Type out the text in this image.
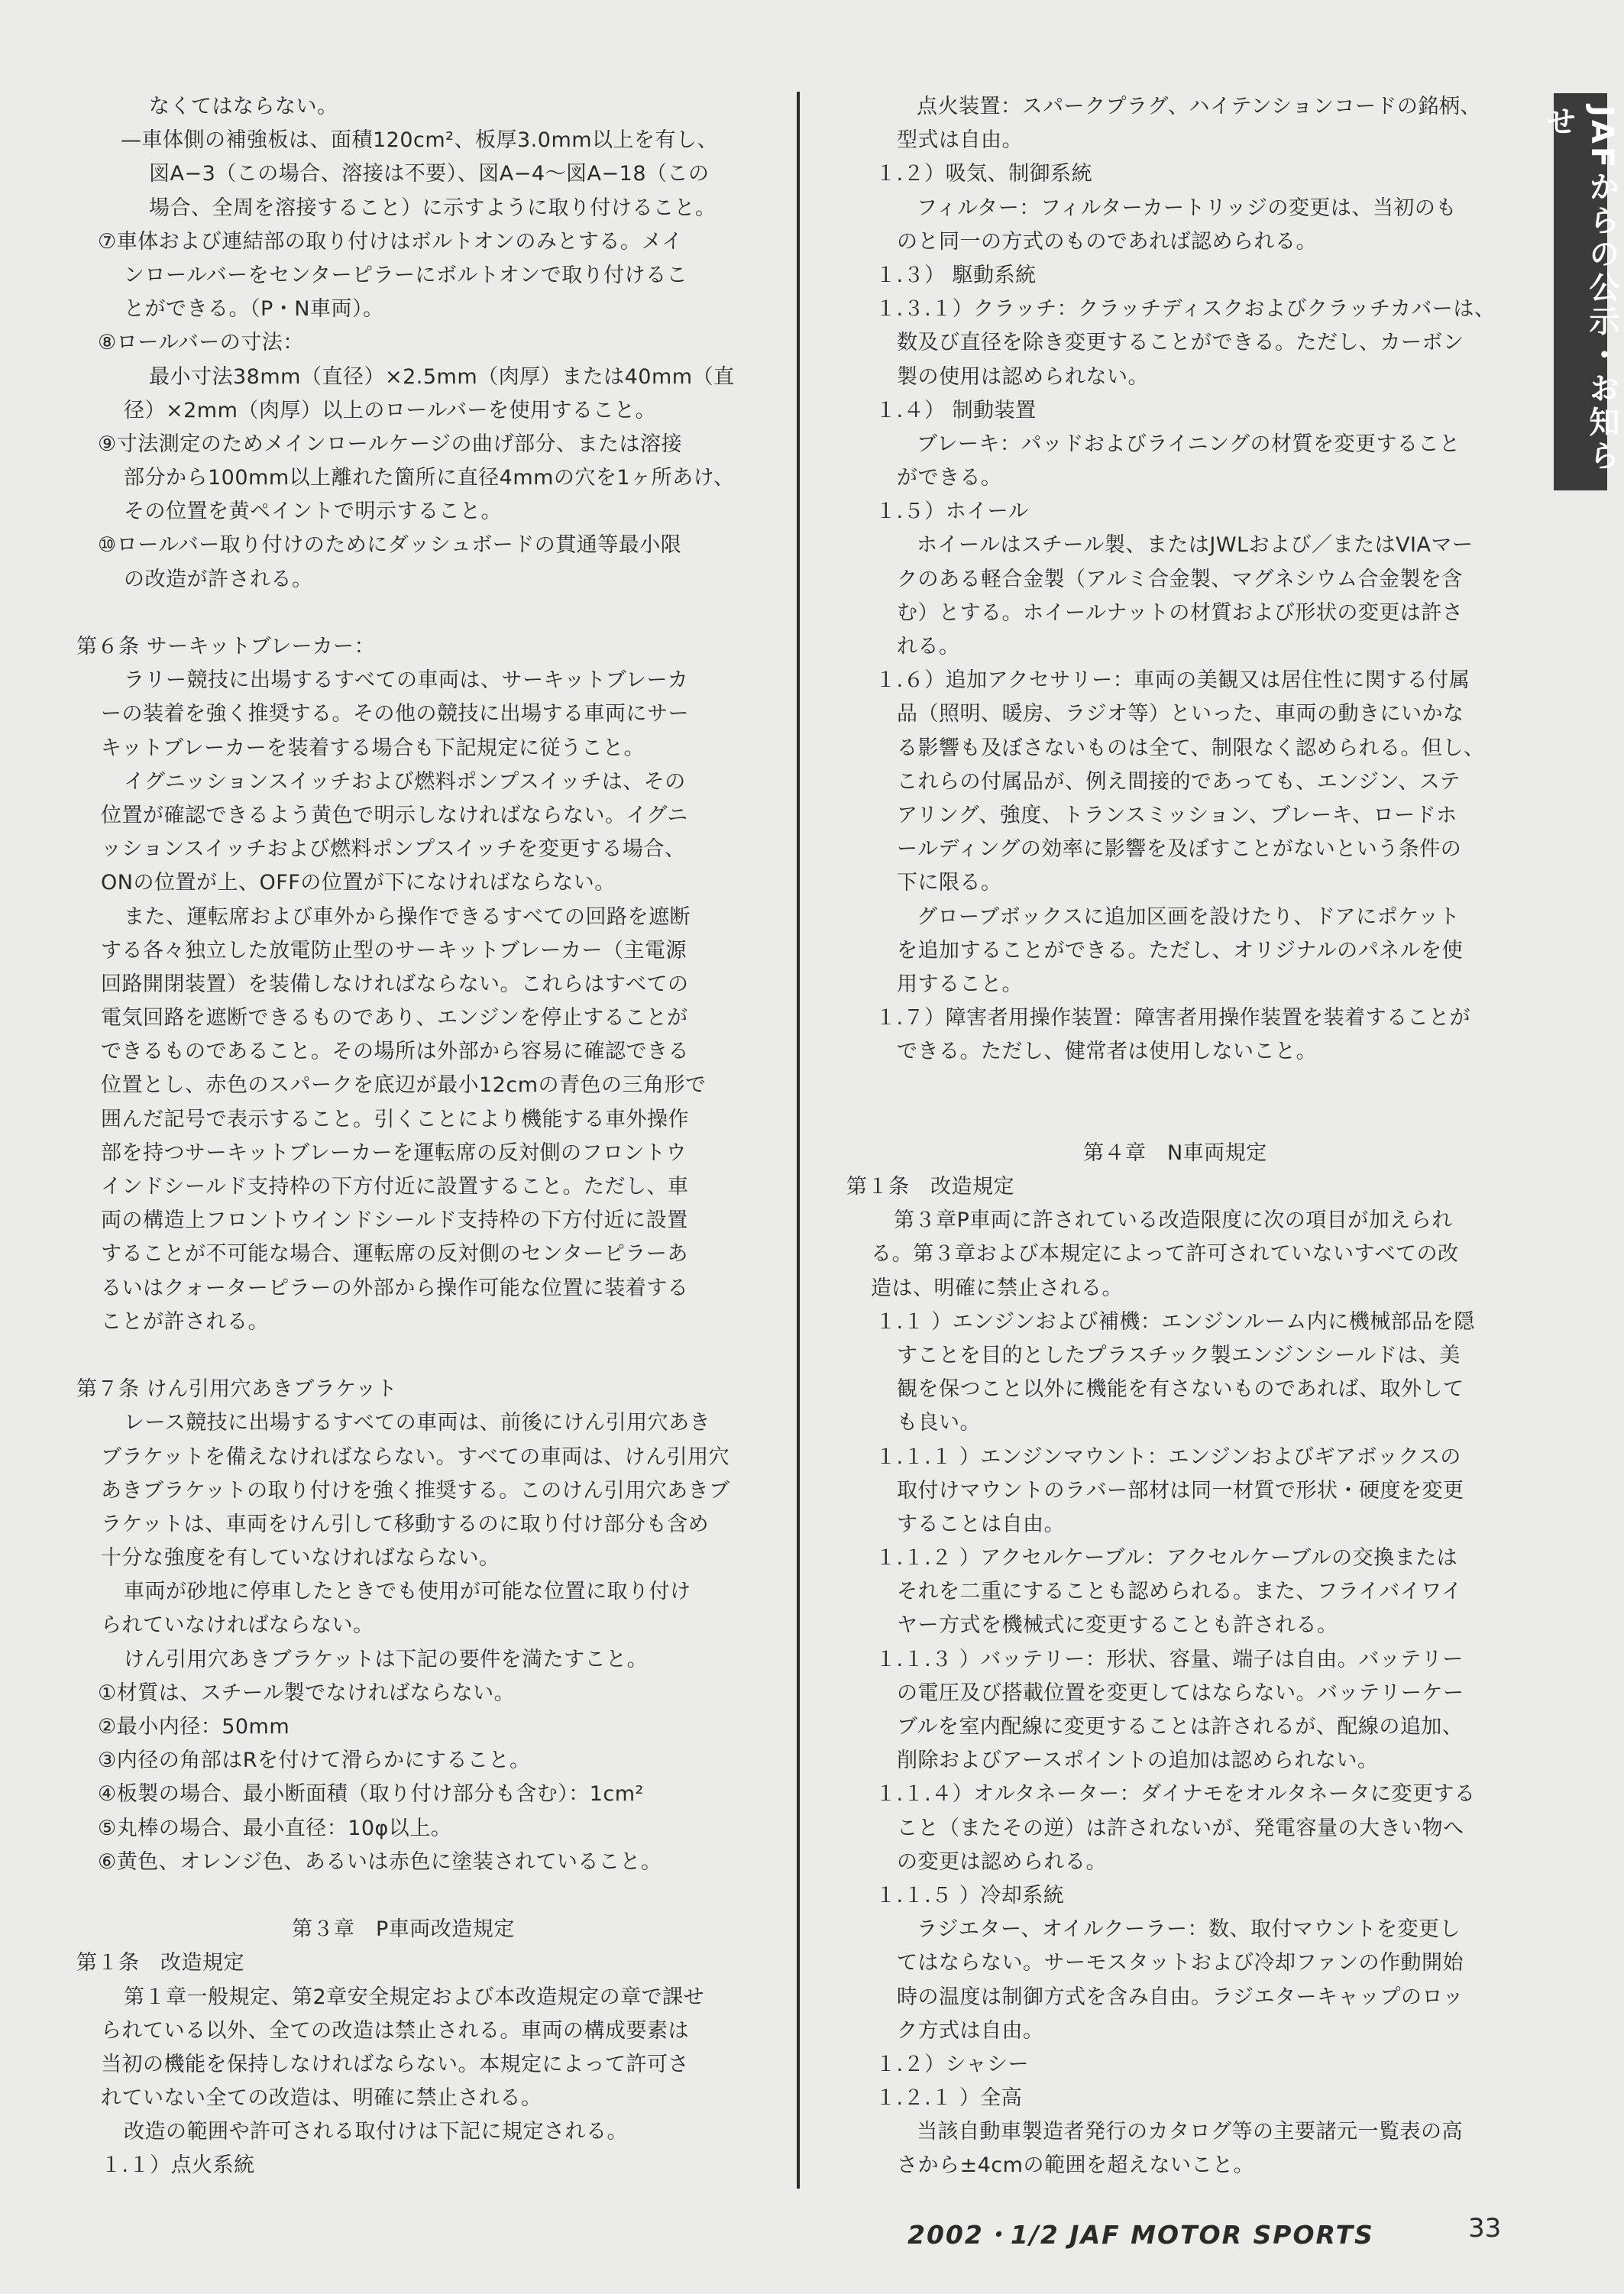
なくてはならない。
—車体側の補強板は、面積120cm²、板厚3.0mm以上を有し、
図A−3（この場合、溶接は不要）、図A−4〜図A−18（この
場合、全周を溶接すること）に示すように取り付けること。
⑦車体および連結部の取り付けはボルトオンのみとする。メイ
ンロールバーをセンターピラーにボルトオンで取り付けるこ
とができる。（P・N車両）。
⑧ロールバーの寸法：
最小寸法38mm（直径）×2.5mm（肉厚）または40mm（直
径）×2mm（肉厚）以上のロールバーを使用すること。
⑨寸法測定のためメインロールケージの曲げ部分、または溶接
部分から100mm以上離れた箇所に直径4mmの穴を1ヶ所あけ、
その位置を黄ペイントで明示すること。
⑩ロールバー取り付けのためにダッシュボードの貫通等最小限
の改造が許される。
第６条 サーキットブレーカー：
ラリー競技に出場するすべての車両は、サーキットブレーカ
ーの装着を強く推奨する。その他の競技に出場する車両にサー
キットブレーカーを装着する場合も下記規定に従うこと。
イグニッションスイッチおよび燃料ポンプスイッチは、その
位置が確認できるよう黄色で明示しなければならない。イグニ
ッションスイッチおよび燃料ポンプスイッチを変更する場合、
ONの位置が上、OFFの位置が下になければならない。
また、運転席および車外から操作できるすべての回路を遮断
する各々独立した放電防止型のサーキットブレーカー（主電源
回路開閉装置）を装備しなければならない。これらはすべての
電気回路を遮断できるものであり、エンジンを停止することが
できるものであること。その場所は外部から容易に確認できる
位置とし、赤色のスパークを底辺が最小12cmの青色の三角形で
囲んだ記号で表示すること。引くことにより機能する車外操作
部を持つサーキットブレーカーを運転席の反対側のフロントウ
インドシールド支持枠の下方付近に設置すること。ただし、車
両の構造上フロントウインドシールド支持枠の下方付近に設置
することが不可能な場合、運転席の反対側のセンターピラーあ
るいはクォーターピラーの外部から操作可能な位置に装着する
ことが許される。
第７条 けん引用穴あきブラケット
レース競技に出場するすべての車両は、前後にけん引用穴あき
ブラケットを備えなければならない。すべての車両は、けん引用穴
あきブラケットの取り付けを強く推奨する。このけん引用穴あきブ
ラケットは、車両をけん引して移動するのに取り付け部分も含め
十分な強度を有していなければならない。
車両が砂地に停車したときでも使用が可能な位置に取り付け
られていなければならない。
けん引用穴あきブラケットは下記の要件を満たすこと。
①材質は、スチール製でなければならない。
②最小内径：50mm
③内径の角部はRを付けて滑らかにすること。
④板製の場合、最小断面積（取り付け部分も含む）：1cm²
⑤丸棒の場合、最小直径：10φ以上。
⑥黄色、オレンジ色、あるいは赤色に塗装されていること。
第３章　P車両改造規定
第１条　改造規定
第１章一般規定、第2章安全規定および本改造規定の章で課せ
られている以外、全ての改造は禁止される。車両の構成要素は
当初の機能を保持しなければならない。本規定によって許可さ
れていない全ての改造は、明確に禁止される。
改造の範囲や許可される取付けは下記に規定される。
１.１）点火系統
点火装置：スパークプラグ、ハイテンションコードの銘柄、
型式は自由。
１.２）吸気、制御系統
フィルター：フィルターカートリッジの変更は、当初のも
のと同一の方式のものであれば認められる。
１.３） 駆動系統
１.３.１）クラッチ：クラッチディスクおよびクラッチカバーは、
数及び直径を除き変更することができる。ただし、カーボン
製の使用は認められない。
１.４） 制動装置
ブレーキ：パッドおよびライニングの材質を変更すること
ができる。
１.５）ホイール
ホイールはスチール製、またはJWLおよび／またはVIAマー
クのある軽合金製（アルミ合金製、マグネシウム合金製を含
む）とする。ホイールナットの材質および形状の変更は許さ
れる。
１.６）追加アクセサリー：車両の美観又は居住性に関する付属
品（照明、暖房、ラジオ等）といった、車両の動きにいかな
る影響も及ぼさないものは全て、制限なく認められる。但し、
これらの付属品が、例え間接的であっても、エンジン、ステ
アリング、強度、トランスミッション、ブレーキ、ロードホ
ールディングの効率に影響を及ぼすことがないという条件の
下に限る。
グローブボックスに追加区画を設けたり、ドアにポケット
を追加することができる。ただし、オリジナルのパネルを使
用すること。
１.７）障害者用操作装置：障害者用操作装置を装着することが
できる。ただし、健常者は使用しないこと。
第４章　N車両規定
第１条　改造規定
第３章P車両に許されている改造限度に次の項目が加えられ
る。第３章および本規定によって許可されていないすべての改
造は、明確に禁止される。
１.１ ）エンジンおよび補機：エンジンルーム内に機械部品を隠
すことを目的としたプラスチック製エンジンシールドは、美
観を保つこと以外に機能を有さないものであれば、取外して
も良い。
１.１.１ ）エンジンマウント：エンジンおよびギアボックスの
取付けマウントのラバー部材は同一材質で形状・硬度を変更
することは自由。
１.１.２ ）アクセルケーブル：アクセルケーブルの交換または
それを二重にすることも認められる。また、フライバイワイ
ヤー方式を機械式に変更することも許される。
１.１.３ ）バッテリー：形状、容量、端子は自由。バッテリー
の電圧及び搭載位置を変更してはならない。バッテリーケー
ブルを室内配線に変更することは許されるが、配線の追加、
削除およびアースポイントの追加は認められない。
１.１.４）オルタネーター：ダイナモをオルタネータに変更する
こと（またその逆）は許されないが、発電容量の大きい物へ
の変更は認められる。
１.１.５ ）冷却系統
ラジエター、オイルクーラー：数、取付マウントを変更し
てはならない。サーモスタットおよび冷却ファンの作動開始
時の温度は制御方式を含み自由。ラジエターキャップのロッ
ク方式は自由。
１.２）シャシー
１.２.１ ）全高
当該自動車製造者発行のカタログ等の主要諸元一覧表の高
さから±4cmの範囲を超えないこと。
JAFからの公示・お知らせ
2002・1/2 JAF MOTOR SPORTS	33
